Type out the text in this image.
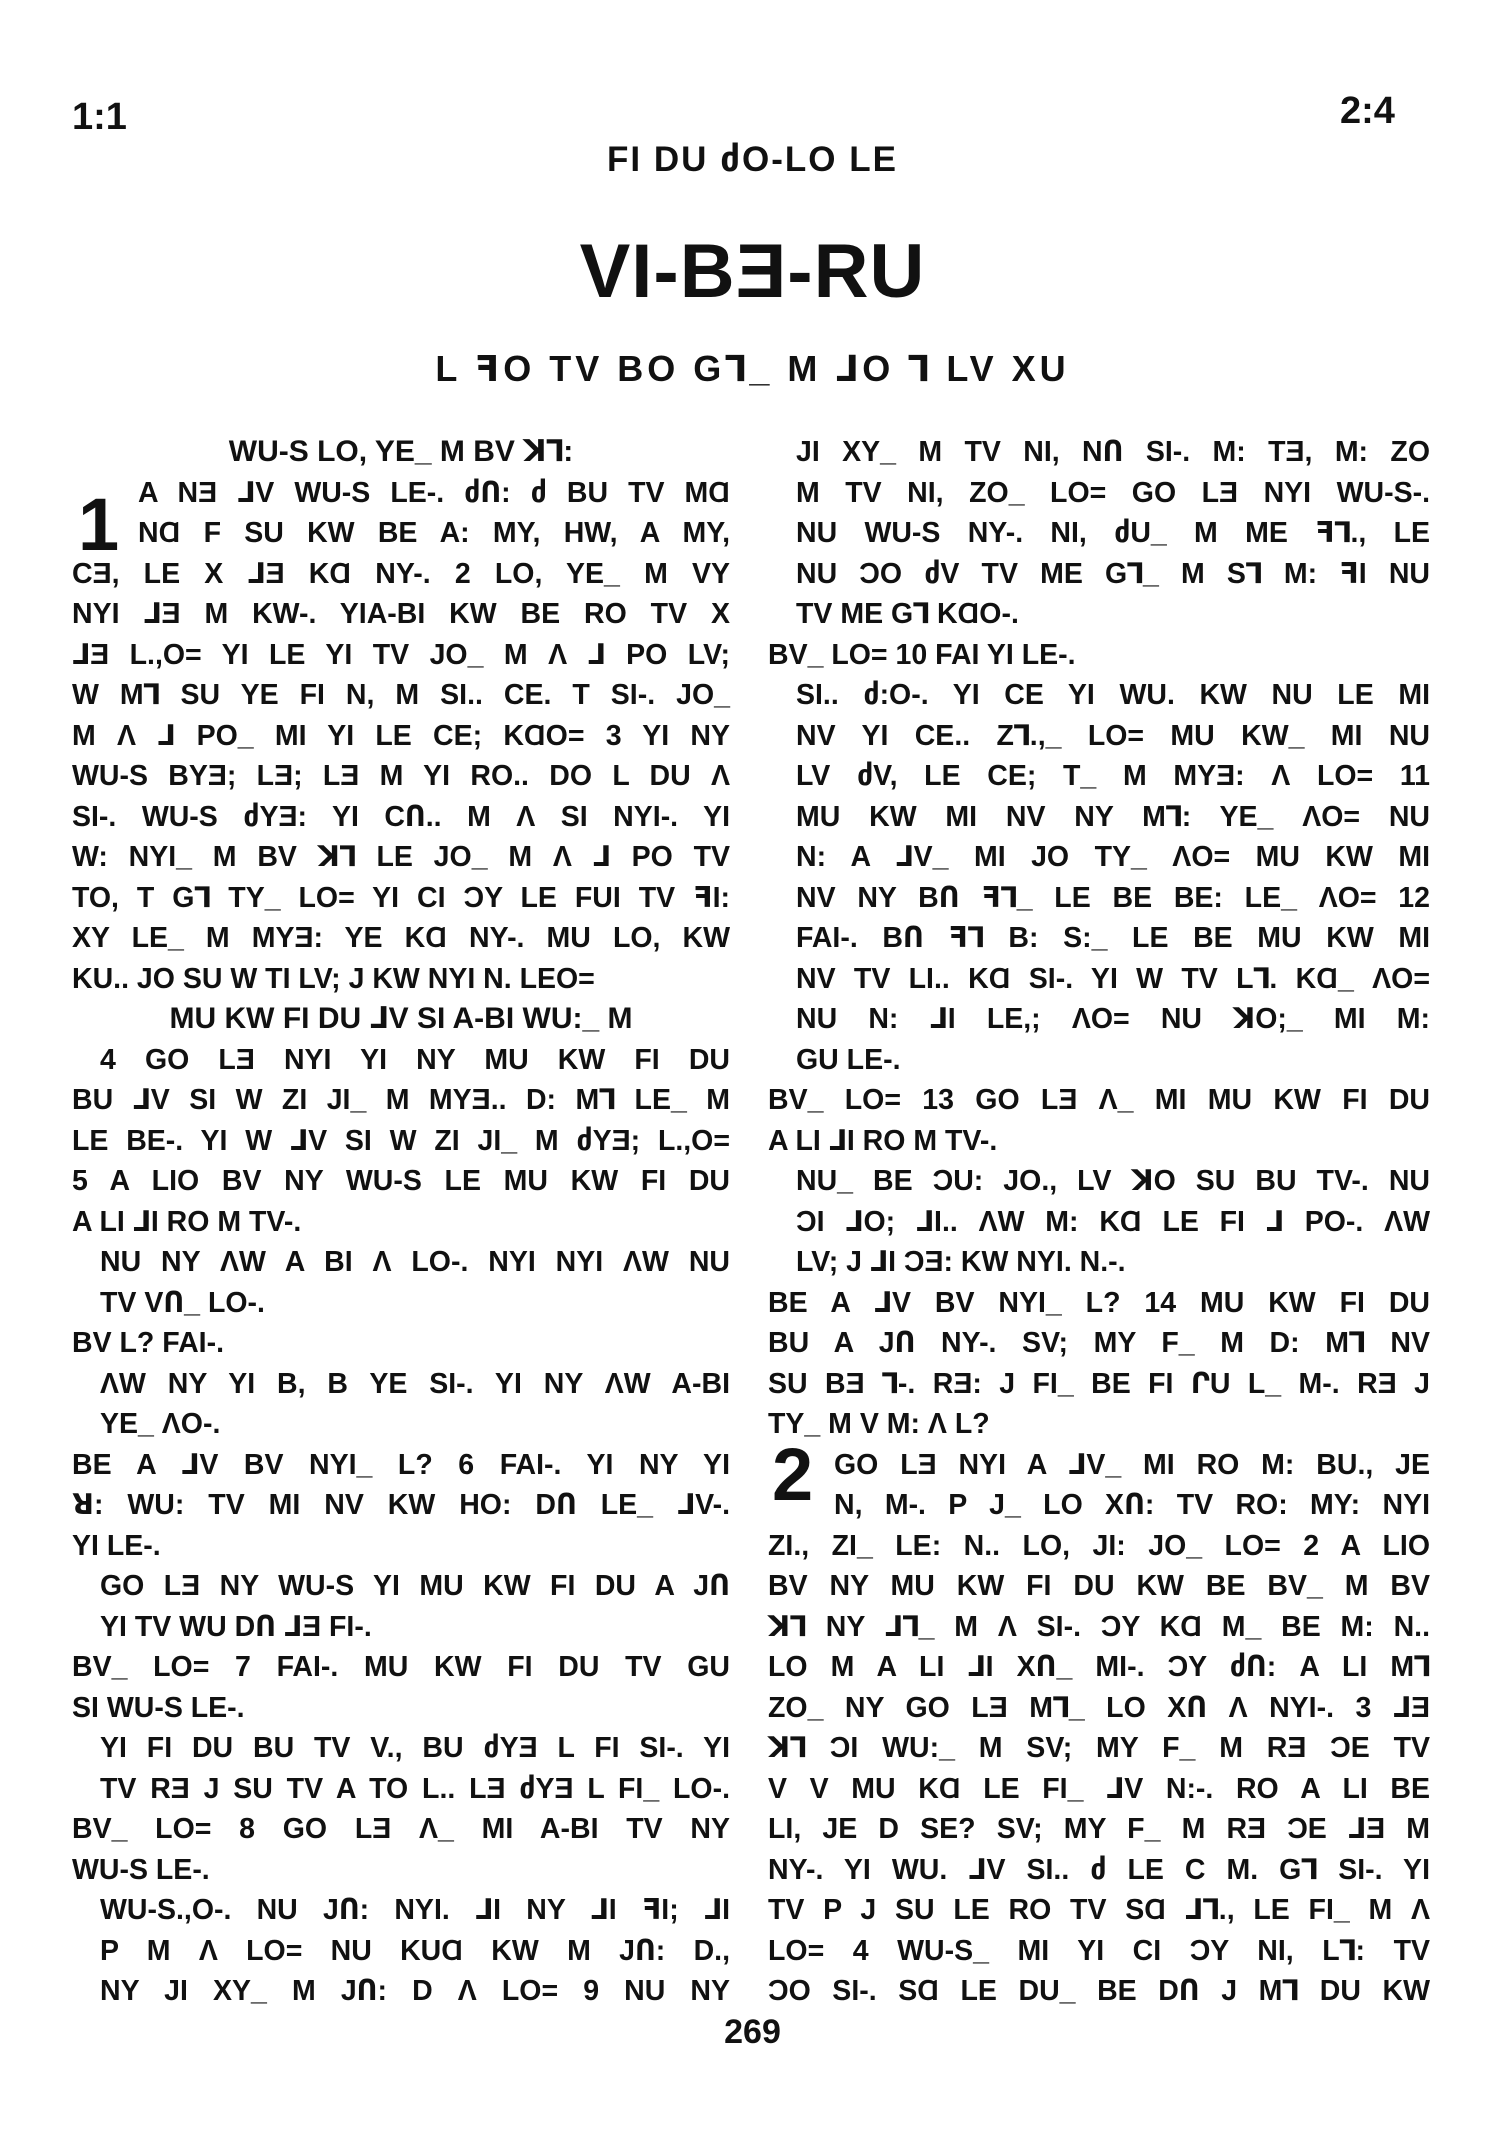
1:1	2:4
FI DU ძO-LO LE
VI-BƎ-RU
L ꟻO TV BO G⅂_ M ⅃O ⅂ LV XU
1
2
WU-S LO, YE_ M BV ꓘ⅂:
A NƎ ⅃V WU-S LE-. ძՈ: ძ BU TV MⱭ
NⱭ F SU KW BE A: MY, HW, A MY,
CƎ, LE X ⅃Ǝ KⱭ NY-. 2 LO, YE_ M VY
NYI ⅃Ǝ M KW-. YIA-BI KW BE RO TV X
⅃Ǝ L.,O= YI LE YI TV JO_ M Λ ⅃ PO LV;
W M⅂ SU YE FI N, M SI.. CE. T SI-. JO_
M Λ ⅃ PO_ MI YI LE CE; KⱭO= 3 YI NY
WU-S BYƎ; LƎ; LƎ M YI RO.. DO L DU Λ
SI-. WU-S ძYƎ: YI CՈ.. M Λ SI NYI-. YI
W: NYI_ M BV ꓘ⅂ LE JO_ M Λ ⅃ PO TV
TO, T G⅂ TY_ LO= YI CI ƆY LE FUI TV ꟻI:
XY LE_ M MYƎ: YE KⱭ NY-. MU LO, KW
KU.. JO SU W TI LV; J KW NYI N. LEO=
MU KW FI DU ⅃V SI A-BI WU:_ M
4 GO LƎ NYI YI NY MU KW FI DU
BU ⅃V SI W ZI JI_ M MYƎ.. D: M⅂ LE_ M
LE BE-. YI W ⅃V SI W ZI JI_ M ძYƎ; L.,O=
5 A LIO BV NY WU-S LE MU KW FI DU
A LI ⅃I RO M TV-.
NU NY ΛW A BI Λ LO-. NYI NYI ΛW NU
TV VՈ_ LO-.
BV L? FAI-.
ΛW NY YI B, B YE SI-. YI NY ΛW A-BI
YE_ ΛO-.
BE A ⅃V BV NYI_ L? 6 FAI-. YI NY YI
ꓤ: WU: TV MI NV KW HO: DՈ LE_ ⅃V-.
YI LE-.
GO LƎ NY WU-S YI MU KW FI DU A JՈ
YI TV WU DՈ ⅃Ǝ FI-.
BV_ LO= 7 FAI-. MU KW FI DU TV GU
SI WU-S LE-.
YI FI DU BU TV V., BU ძYƎ L FI SI-. YI
TV RƎ J SU TV A TO L.. LƎ ძYƎ L FI_ LO-.
BV_ LO= 8 GO LƎ Λ_ MI A-BI TV NY
WU-S LE-.
WU-S.,O-. NU JՈ: NYI. ⅃I NY ⅃I ꟻI; ⅃I
P M Λ LO= NU KUⱭ KW M JՈ: D.,
NY JI XY_ M JՈ: D Λ LO= 9 NU NY
JI XY_ M TV NI, NՈ SI-. M: TƎ, M: ZO
M TV NI, ZO_ LO= GO LƎ NYI WU-S-.
NU WU-S NY-. NI, ძU_ M ME ꟻ⅂., LE
NU ƆO ძV TV ME G⅂_ M S⅂ M: ꟻI NU
TV ME G⅂ KⱭO-.
BV_ LO= 10 FAI YI LE-.
SI.. ძ:O-. YI CE YI WU. KW NU LE MI
NV YI CE.. Z⅂.,_ LO= MU KW_ MI NU
LV ძV, LE CE; T_ M MYƎ: Λ LO= 11
MU KW MI NV NY M⅂: YE_ ΛO= NU
N: A ⅃V_ MI JO TY_ ΛO= MU KW MI
NV NY BՈ ꟻ⅂_ LE BE BE: LE_ ΛO= 12
FAI-. BՈ ꟻ⅂ B: S:_ LE BE MU KW MI
NV TV LI.. KⱭ SI-. YI W TV L⅂. KⱭ_ ΛO=
NU N: ⅃I LE,; ΛO= NU ꓘO;_ MI M:
GU LE-.
BV_ LO= 13 GO LƎ Λ_ MI MU KW FI DU
A LI ⅃I RO M TV-.
NU_ BE ƆU: JO., LV ꓘO SU BU TV-. NU
ƆI ⅃O; ⅃I.. ΛW M: KⱭ LE FI ⅃ PO-. ΛW
LV; J ⅃I ƆƎ: KW NYI. N.-.
BE A ⅃V BV NYI_ L? 14 MU KW FI DU
BU A JՈ NY-. SV; MY F_ M D: M⅂ NV
SU BƎ ⅂-. RƎ: J FI_ BE FI ՐU L_ M-. RƎ J
TY_ M V M: Λ L?
GO LƎ NYI A ⅃V_ MI RO M: BU., JE
N, M-. P J_ LO XՈ: TV RO: MY: NYI
ZI., ZI_ LE: N.. LO, JI: JO_ LO= 2 A LIO
BV NY MU KW FI DU KW BE BV_ M BV
ꓘ⅂ NY ⅃⅂_ M Λ SI-. ƆY KⱭ M_ BE M: N..
LO M A LI ⅃I XՈ_ MI-. ƆY ძՈ: A LI M⅂
ZO_ NY GO LƎ M⅂_ LO XՈ Λ NYI-. 3 ⅃Ǝ
ꓘ⅂ ƆI WU:_ M SV; MY F_ M RƎ ƆE TV
V V MU KⱭ LE FI_ ⅃V N:-. RO A LI BE
LI, JE D SE? SV; MY F_ M RƎ ƆE ⅃Ǝ M
NY-. YI WU. ⅃V SI.. ძ LE C M. G⅂ SI-. YI
TV P J SU LE RO TV SⱭ ⅃⅂., LE FI_ M Λ
LO= 4 WU-S_ MI YI CI ƆY NI, L⅂: TV
ƆO SI-. SⱭ LE DU_ BE DՈ J M⅂ DU KW
269
